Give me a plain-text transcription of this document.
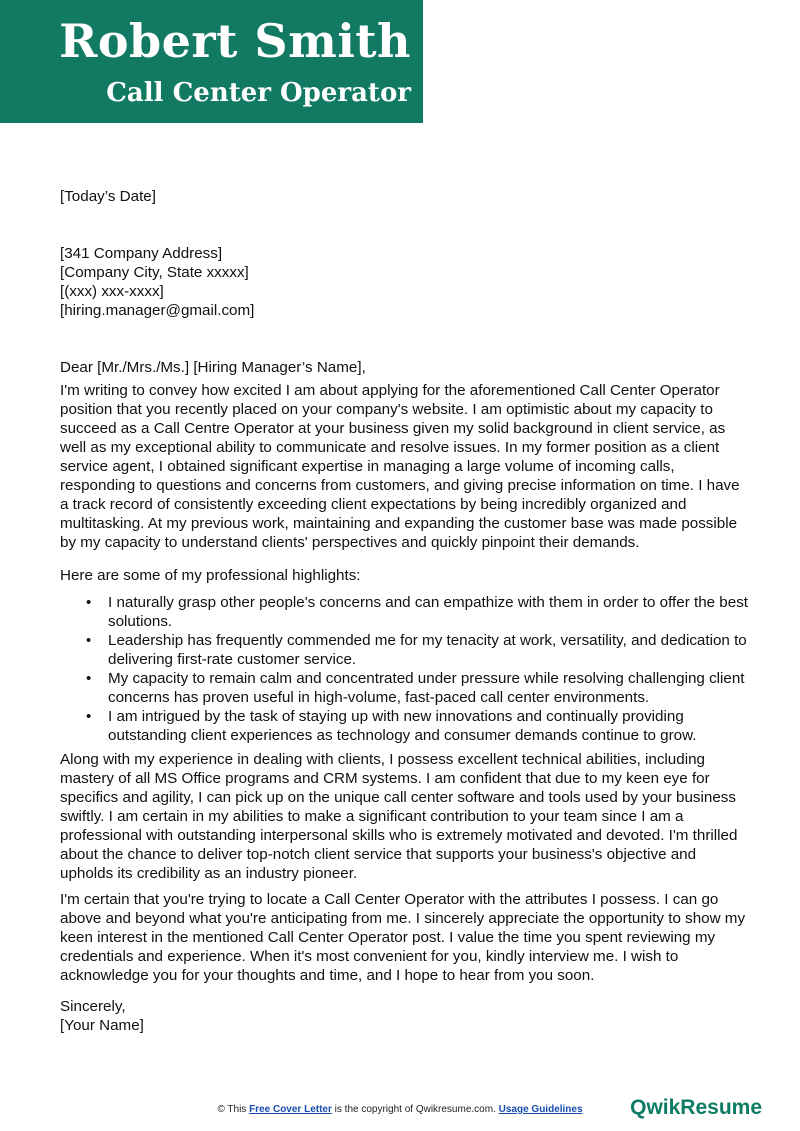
Robert Smith
Call Center Operator
[Today’s Date]
[341 Company Address]
[Company City, State xxxxx]
[(xxx) xxx-xxxx]
[hiring.manager@gmail.com]
Dear [Mr./Mrs./Ms.] [Hiring Manager’s Name],

I'm writing to convey how excited I am about applying for the aforementioned Call Center Operator position that you recently placed on your company's website. I am optimistic about my capacity to succeed as a Call Centre Operator at your business given my solid background in client service, as well as my exceptional ability to communicate and resolve issues. In my former position as a client service agent, I obtained significant expertise in managing a large volume of incoming calls, responding to questions and concerns from customers, and giving precise information on time. I have a track record of consistently exceeding client expectations by being incredibly organized and multitasking. At my previous work, maintaining and expanding the customer base was made possible by my capacity to understand clients' perspectives and quickly pinpoint their demands.

Here are some of my professional highlights:

• I naturally grasp other people's concerns and can empathize with them in order to offer the best solutions.
• Leadership has frequently commended me for my tenacity at work, versatility, and dedication to delivering first-rate customer service.
• My capacity to remain calm and concentrated under pressure while resolving challenging client concerns has proven useful in high-volume, fast-paced call center environments.
• I am intrigued by the task of staying up with new innovations and continually providing outstanding client experiences as technology and consumer demands continue to grow.

Along with my experience in dealing with clients, I possess excellent technical abilities, including mastery of all MS Office programs and CRM systems. I am confident that due to my keen eye for specifics and agility, I can pick up on the unique call center software and tools used by your business swiftly. I am certain in my abilities to make a significant contribution to your team since I am a professional with outstanding interpersonal skills who is extremely motivated and devoted. I'm thrilled about the chance to deliver top-notch client service that supports your business's objective and upholds its credibility as an industry pioneer.

I'm certain that you're trying to locate a Call Center Operator with the attributes I possess. I can go above and beyond what you're anticipating from me. I sincerely appreciate the opportunity to show my keen interest in the mentioned Call Center Operator post. I value the time you spent reviewing my credentials and experience. When it's most convenient for you, kindly interview me. I wish to acknowledge you for your thoughts and time, and I hope to hear from you soon.

Sincerely,
[Your Name]
© This Free Cover Letter is the copyright of Qwikresume.com. Usage Guidelines	QwikResume
